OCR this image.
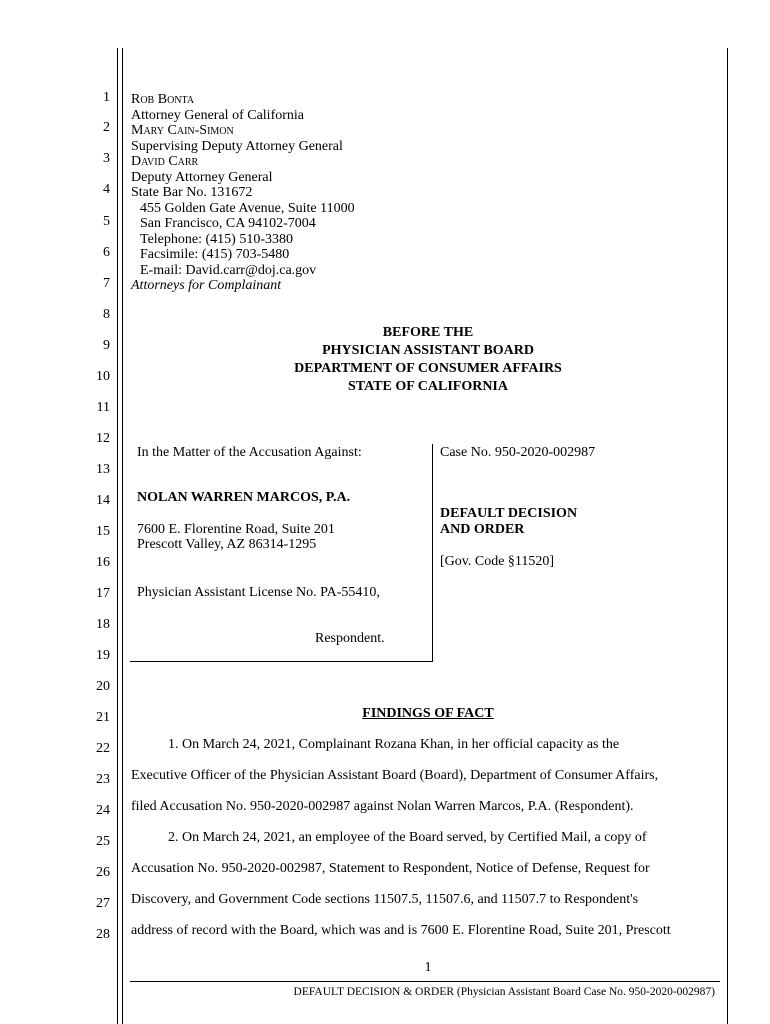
1
2
3
4
5
6
7
8
9
10
11
12
13
14
15
16
17
18
19
20
21
22
23
24
25
26
27
28
Rob Bonta
Attorney General of California
Mary Cain-Simon
Supervising Deputy Attorney General
David Carr
Deputy Attorney General
State Bar No. 131672
455 Golden Gate Avenue, Suite 11000
San Francisco, CA 94102-7004
Telephone: (415) 510-3380
Facsimile: (415) 703-5480
E-mail: David.carr@doj.ca.gov
Attorneys for Complainant
BEFORE THE
PHYSICIAN ASSISTANT BOARD
DEPARTMENT OF CONSUMER AFFAIRS
STATE OF CALIFORNIA
In the Matter of the Accusation Against:
NOLAN WARREN MARCOS, P.A.
7600 E. Florentine Road, Suite 201
Prescott Valley, AZ 86314-1295
Physician Assistant License No. PA-55410,
Respondent.
Case No. 950-2020-002987
DEFAULT DECISION
AND ORDER
[Gov. Code §11520]
FINDINGS OF FACT
1. On March 24, 2021, Complainant Rozana Khan, in her official capacity as the
Executive Officer of the Physician Assistant Board (Board), Department of Consumer Affairs,
filed Accusation No. 950-2020-002987 against Nolan Warren Marcos, P.A. (Respondent).
2. On March 24, 2021, an employee of the Board served, by Certified Mail, a copy of
Accusation No. 950-2020-002987, Statement to Respondent, Notice of Defense, Request for
Discovery, and Government Code sections 11507.5, 11507.6, and 11507.7 to Respondent's
address of record with the Board, which was and is 7600 E. Florentine Road, Suite 201, Prescott
1
DEFAULT DECISION & ORDER (Physician Assistant Board Case No. 950-2020-002987)
